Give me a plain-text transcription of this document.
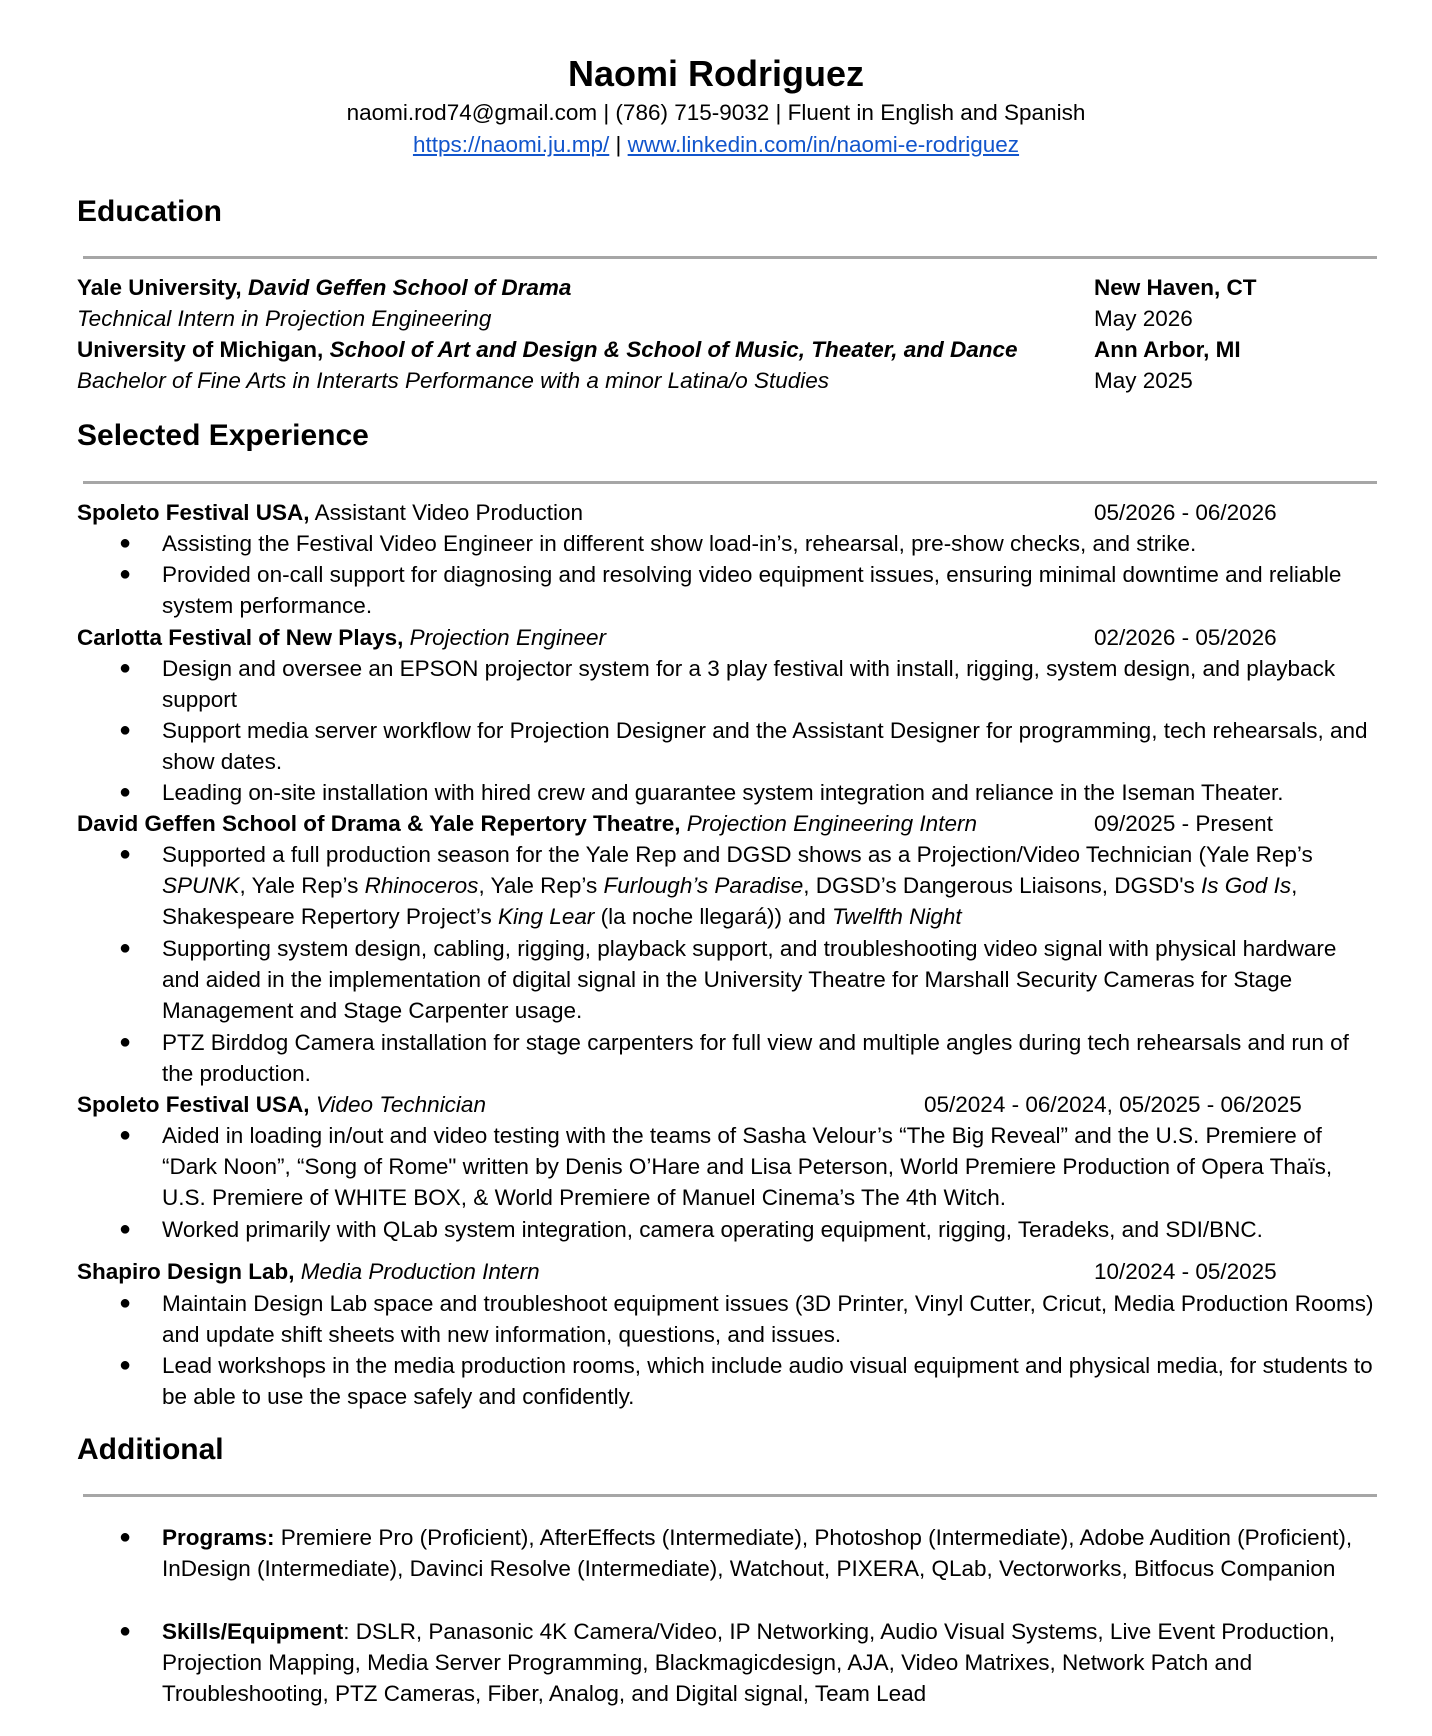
Naomi Rodriguez
naomi.rod74@gmail.com | (786) 715-9032 | Fluent in English and Spanish
https://naomi.ju.mp/ | www.linkedin.com/in/naomi-e-rodriguez
Education
Yale University, David Geffen School of Drama	New Haven, CT
Technical Intern in Projection Engineering	May 2026
University of Michigan, School of Art and Design & School of Music, Theater, and Dance	Ann Arbor, MI
Bachelor of Fine Arts in Interarts Performance with a minor Latina/o Studies	May 2025
Selected Experience
Spoleto Festival USA, Assistant Video Production	05/2026 - 06/2026
● Assisting the Festival Video Engineer in different show load-in’s, rehearsal, pre-show checks, and strike.
● Provided on-call support for diagnosing and resolving video equipment issues, ensuring minimal downtime and reliable system performance.
Carlotta Festival of New Plays, Projection Engineer	02/2026 - 05/2026
● Design and oversee an EPSON projector system for a 3 play festival with install, rigging, system design, and playback support
● Support media server workflow for Projection Designer and the Assistant Designer for programming, tech rehearsals, and show dates.
● Leading on-site installation with hired crew and guarantee system integration and reliance in the Iseman Theater.
David Geffen School of Drama & Yale Repertory Theatre, Projection Engineering Intern	09/2025 - Present
● Supported a full production season for the Yale Rep and DGSD shows as a Projection/Video Technician (Yale Rep’s SPUNK, Yale Rep’s Rhinoceros, Yale Rep’s Furlough’s Paradise, DGSD’s Dangerous Liaisons, DGSD's Is God Is, Shakespeare Repertory Project’s King Lear (la noche llegará)) and Twelfth Night
● Supporting system design, cabling, rigging, playback support, and troubleshooting video signal with physical hardware and aided in the implementation of digital signal in the University Theatre for Marshall Security Cameras for Stage Management and Stage Carpenter usage.
● PTZ Birddog Camera installation for stage carpenters for full view and multiple angles during tech rehearsals and run of the production.
Spoleto Festival USA, Video Technician	05/2024 - 06/2024, 05/2025 - 06/2025
● Aided in loading in/out and video testing with the teams of Sasha Velour’s “The Big Reveal” and the U.S. Premiere of “Dark Noon”, “Song of Rome" written by Denis O’Hare and Lisa Peterson, World Premiere Production of Opera Thaïs, U.S. Premiere of WHITE BOX, & World Premiere of Manuel Cinema’s The 4th Witch.
● Worked primarily with QLab system integration, camera operating equipment, rigging, Teradeks, and SDI/BNC.
Shapiro Design Lab, Media Production Intern	10/2024 - 05/2025
● Maintain Design Lab space and troubleshoot equipment issues (3D Printer, Vinyl Cutter, Cricut, Media Production Rooms) and update shift sheets with new information, questions, and issues.
● Lead workshops in the media production rooms, which include audio visual equipment and physical media, for students to be able to use the space safely and confidently.
Additional
● Programs: Premiere Pro (Proficient), AfterEffects (Intermediate), Photoshop (Intermediate), Adobe Audition (Proficient), InDesign (Intermediate), Davinci Resolve (Intermediate), Watchout, PIXERA, QLab, Vectorworks, Bitfocus Companion
● Skills/Equipment: DSLR, Panasonic 4K Camera/Video, IP Networking, Audio Visual Systems, Live Event Production, Projection Mapping, Media Server Programming, Blackmagicdesign, AJA, Video Matrixes, Network Patch and Troubleshooting, PTZ Cameras, Fiber, Analog, and Digital signal, Team Lead
